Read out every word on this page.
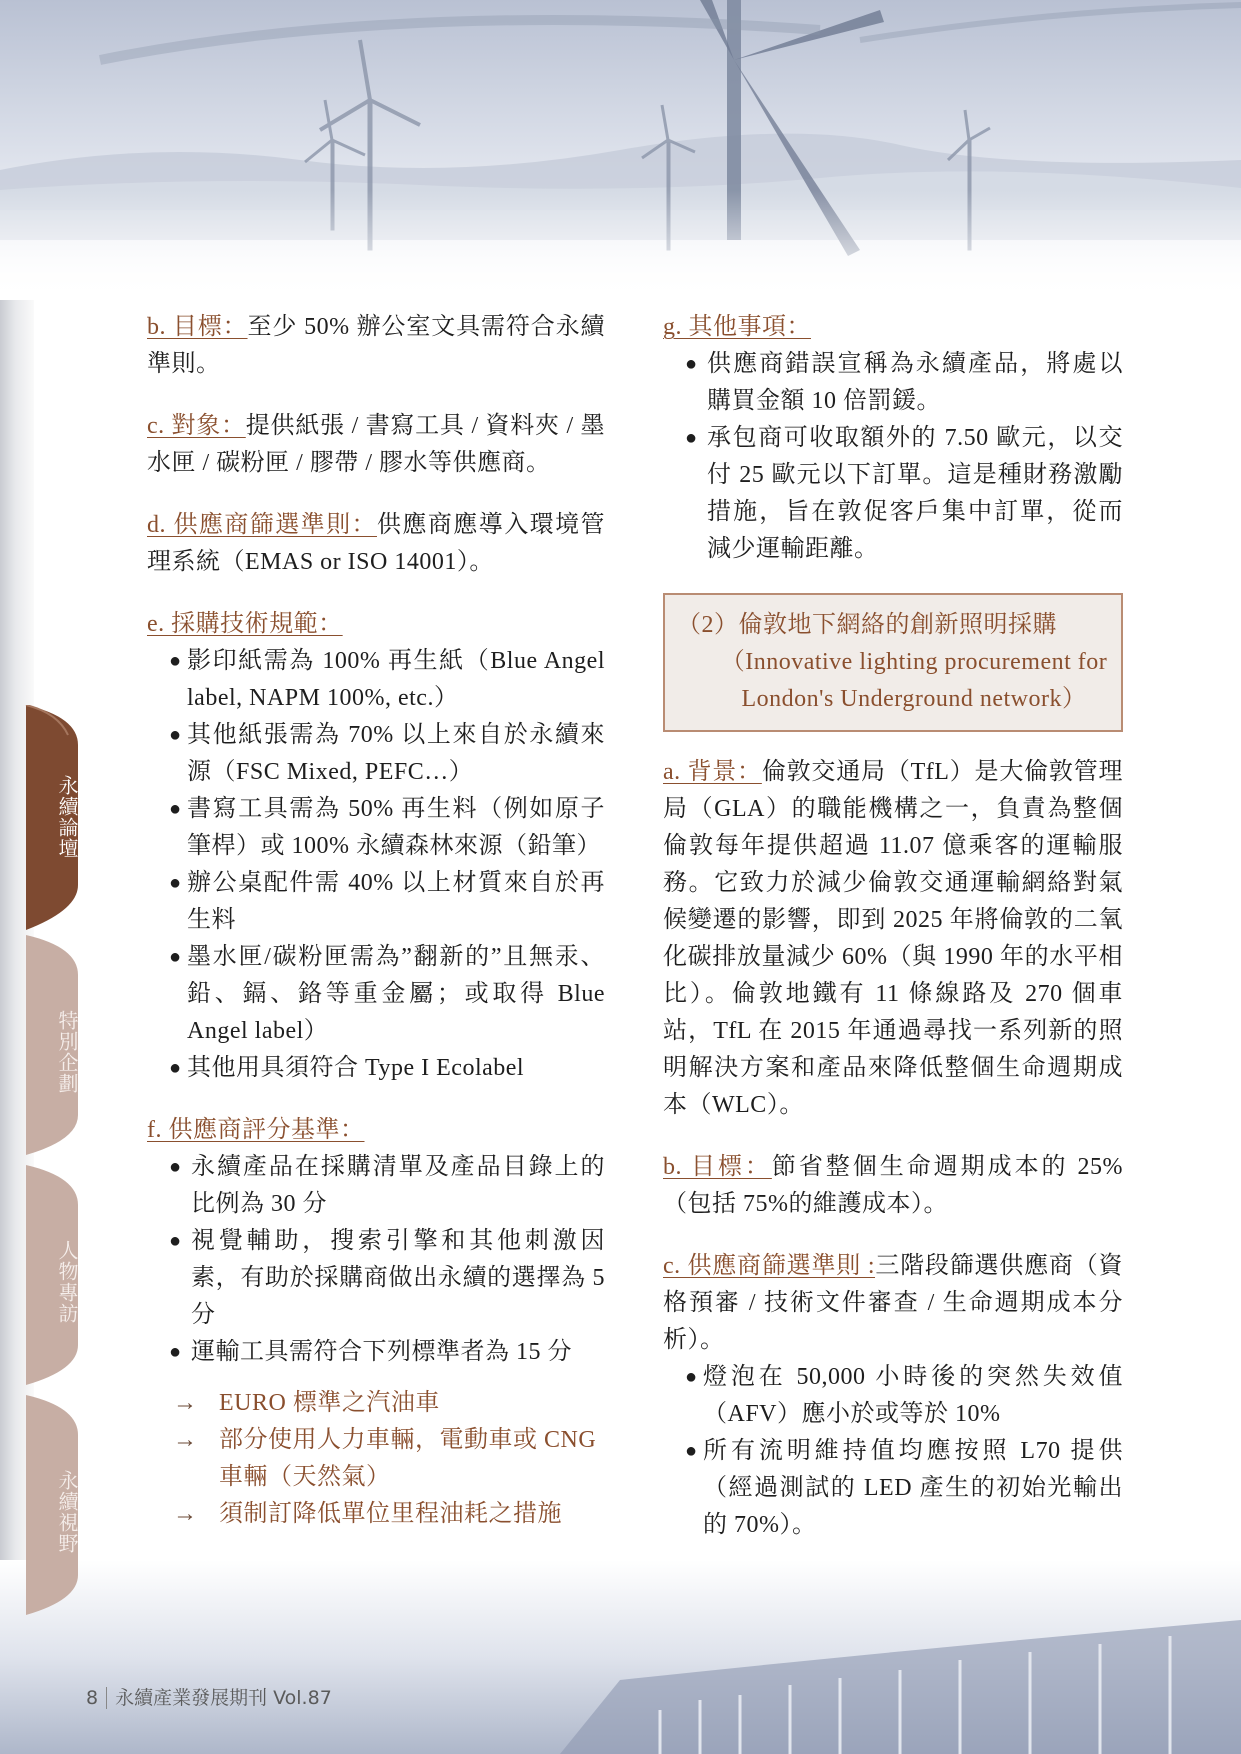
永續論壇
特別企劃
人物專訪
永續視野

b. 目標：至少 50% 辦公室文具需符合永續準則。

c. 對象：提供紙張 / 書寫工具 / 資料夾 / 墨水匣 / 碳粉匣 / 膠帶 / 膠水等供應商。

d. 供應商篩選準則：供應商應導入環境管理系統（EMAS or ISO 14001）。

e. 採購技術規範：
● 影印紙需為 100% 再生紙（Blue Angel label, NAPM 100%, etc.）
● 其他紙張需為 70% 以上來自於永續來源（FSC Mixed, PEFC…）
● 書寫工具需為 50% 再生料（例如原子筆桿）或 100% 永續森林來源（鉛筆）
● 辦公桌配件需 40% 以上材質來自於再生料
● 墨水匣/碳粉匣需為”翻新的”且無汞、鉛、鎘、鉻等重金屬；或取得 Blue Angel label）
● 其他用具須符合 Type I Ecolabel
f. 供應商評分基準：
● 永續產品在採購清單及產品目錄上的比例為 30 分
● 視覺輔助，搜索引擎和其他刺激因素，有助於採購商做出永續的選擇為 5 分
● 運輸工具需符合下列標準者為 15 分
→ EURO 標準之汽油車
→ 部分使用人力車輛，電動車或 CNG 車輛（天然氣）
→ 須制訂降低單位里程油耗之措施
g. 其他事項：
● 供應商錯誤宣稱為永續產品，將處以購買金額 10 倍罰鍰。
● 承包商可收取額外的 7.50 歐元，以交付 25 歐元以下訂單。這是種財務激勵措施，旨在敦促客戶集中訂單，從而減少運輸距離。

（2）倫敦地下網絡的創新照明採購

（Innovative lighting procurement for

London's Underground network）

a. 背景：倫敦交通局（TfL）是大倫敦管理局（GLA）的職能機構之一，負責為整個倫敦每年提供超過 11.07 億乘客的運輸服務。它致力於減少倫敦交通運輸網絡對氣候變遷的影響，即到 2025 年將倫敦的二氧化碳排放量減少 60%（與 1990 年的水平相比）。倫敦地鐵有 11 條線路及 270 個車站，TfL 在 2015 年通過尋找一系列新的照明解決方案和產品來降低整個生命週期成本（WLC）。

b. 目標：節省整個生命週期成本的 25%（包括 75%的維護成本）。

c. 供應商篩選準則 :三階段篩選供應商（資格預審 / 技術文件審查 / 生命週期成本分析）。

● 燈泡在 50,000 小時後的突然失效值（AFV）應小於或等於 10%
● 所有流明維持值均應按照 L70 提供（經過測試的 LED 產生的初始光輸出的 70%）。
8 永續產業發展期刊 Vol.87
